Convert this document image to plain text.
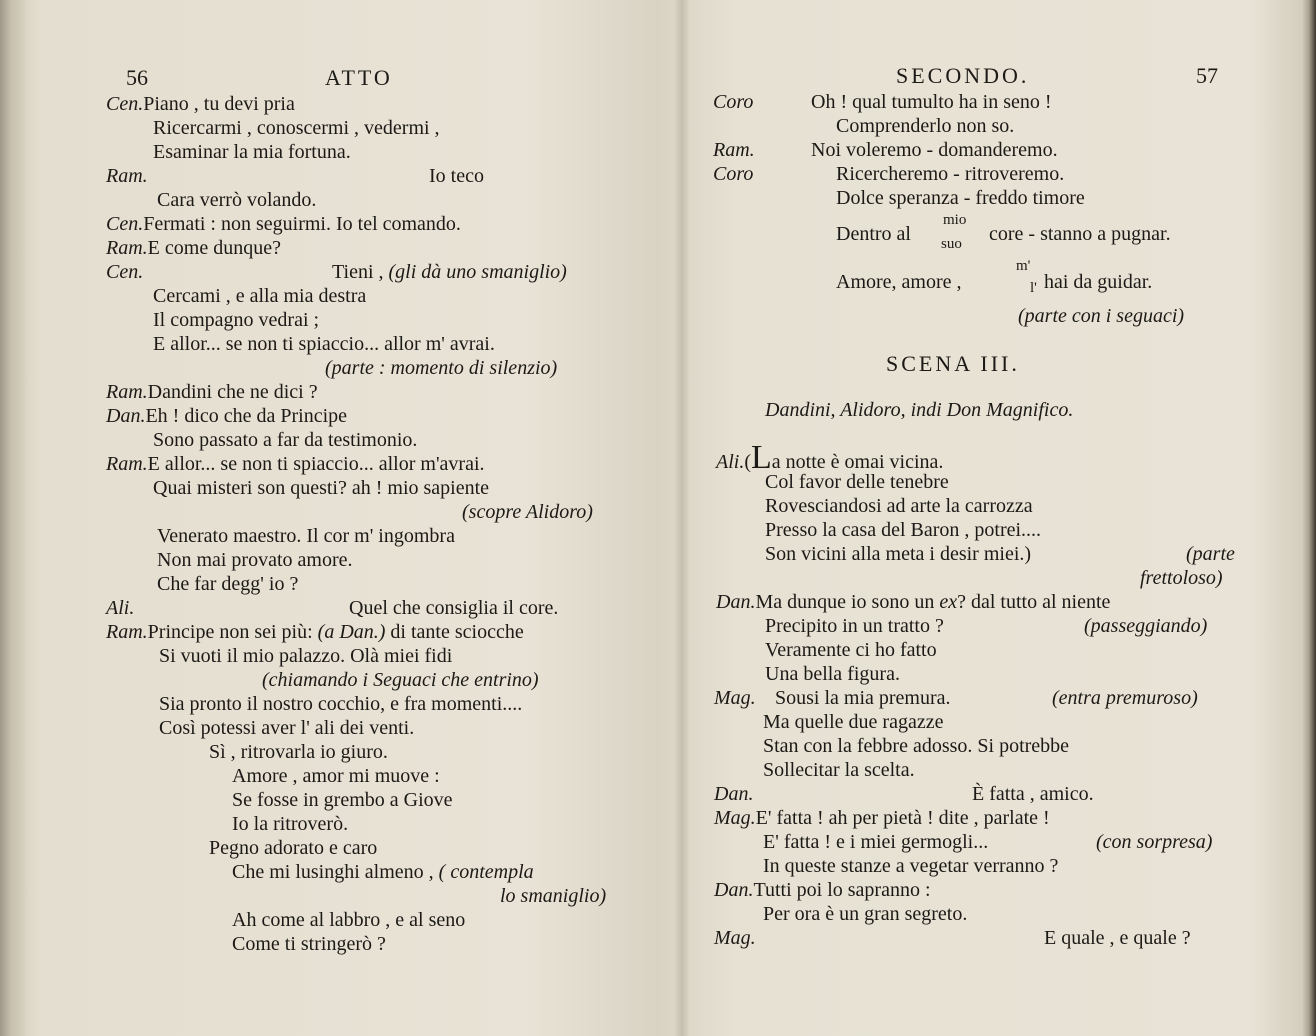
56	ATTO
Cen.Piano , tu devi pria
Ricercarmi , conoscermi , vedermi ,
Esaminar la mia fortuna.
Ram.	Io teco
Cara verrò volando.
Cen.Fermati : non seguirmi. Io tel comando.
Ram.E come dunque?
Cen.	Tieni , (gli dà uno smaniglio)
Cercami , e alla mia destra
Il compagno vedrai ;
E allor... se non ti spiaccio... allor m' avrai.
(parte : momento di silenzio)
Ram.Dandini che ne dici ?
Dan.Eh ! dico che da Principe
Sono passato a far da testimonio.
Ram.E allor... se non ti spiaccio... allor m'avrai.
Quai misteri son questi? ah ! mio sapiente
(scopre Alidoro)
Venerato maestro. Il cor m' ingombra
Non mai provato amore.
Che far degg' io ?
Ali.	Quel che consiglia il core.
Ram.Principe non sei più: (a Dan.) di tante sciocche
Si vuoti il mio palazzo. Olà miei fidi
(chiamando i Seguaci che entrino)
Sia pronto il nostro cocchio, e fra momenti....
Così potessi aver l' ali dei venti.
Sì , ritrovarla io giuro.
Amore , amor mi muove :
Se fosse in grembo a Giove
Io la ritroverò.
Pegno adorato e caro
Che mi lusinghi almeno , ( contempla
lo smaniglio)
Ah come al labbro , e al seno
Come ti stringerò ?
SECONDO.	57
Coro	Oh ! qual tumulto ha in seno !
Comprenderlo non so.
Ram.	Noi voleremo - domanderemo.
Coro	Ricercheremo - ritroveremo.
Dolce speranza - freddo timore
Dentro al
mio
suo core - stanno a pugnar.
Amore, amore ,
m'
l' hai da guidar.
(parte con i seguaci)
SCENA III.
Dandini, Alidoro, indi Don Magnifico.
Ali.(La notte è omai vicina.
Col favor delle tenebre
Rovesciandosi ad arte la carrozza
Presso la casa del Baron , potrei....
Son vicini alla meta i desir miei.)	(parte
frettoloso)
Dan.Ma dunque io sono un ex? dal tutto al niente
Precipito in un tratto ?	(passeggiando)
Veramente ci ho fatto
Una bella figura.
Mag. Sousi la mia premura.	(entra premuroso)
Ma quelle due ragazze
Stan con la febbre adosso. Si potrebbe
Sollecitar la scelta.
Dan.	È fatta , amico.
Mag.E' fatta ! ah per pietà ! dite , parlate !
E' fatta ! e i miei germogli...	(con sorpresa)
In queste stanze a vegetar verranno ?
Dan.Tutti poi lo sapranno :
Per ora è un gran segreto.
Mag.	E quale , e quale ?
